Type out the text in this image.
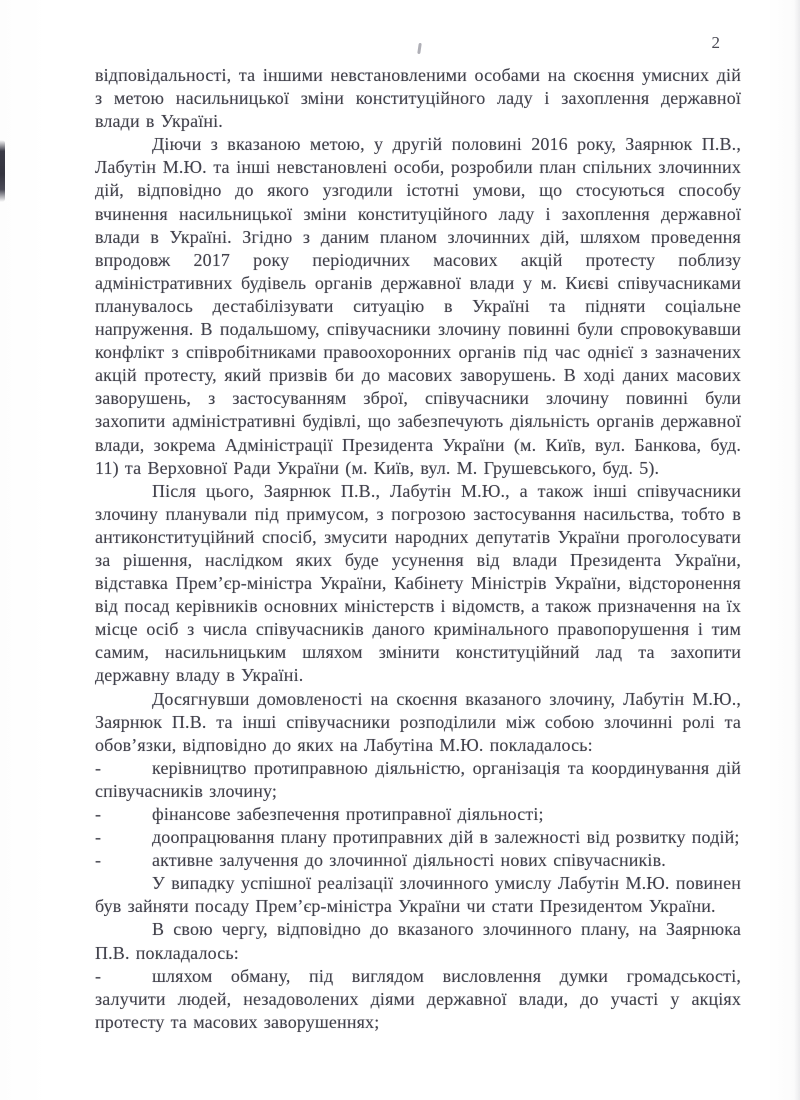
2

відповідальності, та іншими невстановленими особами на скоєння умисних дій з метою насильницької зміни конституційного ладу і захоплення державної влади в Україні.

Діючи з вказаною метою, у другій половині 2016 року, Заярнюк П.В., Лабутін М.Ю. та інші невстановлені особи, розробили план спільних злочинних дій, відповідно до якого узгодили істотні умови, що стосуються способу вчинення насильницької зміни конституційного ладу і захоплення державної влади в Україні. Згідно з даним планом злочинних дій, шляхом проведення впродовж 2017 року періодичних масових акцій протесту поблизу адміністративних будівель органів державної влади у м. Києві співучасниками планувалось дестабілізувати ситуацію в Україні та підняти соціальне напруження. В подальшому, співучасники злочину повинні були спровокувавши конфлікт з співробітниками правоохоронних органів під час однієї з зазначених акцій протесту, який призвів би до масових заворушень. В ході даних масових заворушень, з застосуванням зброї, співучасники злочину повинні були захопити адміністративні будівлі, що забезпечують діяльність органів державної влади, зокрема Адміністрації Президента України (м. Київ, вул. Банкова, буд. 11) та Верховної Ради України (м. Київ, вул. М. Грушевського, буд. 5).

Після цього, Заярнюк П.В., Лабутін М.Ю., а також інші співучасники злочину планували під примусом, з погрозою застосування насильства, тобто в антиконституційний спосіб, змусити народних депутатів України проголосувати за рішення, наслідком яких буде усунення від влади Президента України, відставка Прем’єр-міністра України, Кабінету Міністрів України, відсторонення від посад керівників основних міністерств і відомств, а також призначення на їх місце осіб з числа співучасників даного кримінального правопорушення і тим самим, насильницьким шляхом змінити конституційний лад та захопити державну владу в Україні.

Досягнувши домовленості на скоєння вказаного злочину, Лабутін М.Ю., Заярнюк П.В. та інші співучасники розподілили між собою злочинні ролі та обов’язки, відповідно до яких на Лабутіна М.Ю. покладалось:

-	керівництво протиправною діяльністю, організація та координування дій співучасників злочину;

-	фінансове забезпечення протиправної діяльності;

-	доопрацювання плану протиправних дій в залежності від розвитку подій;

-	активне залучення до злочинної діяльності нових співучасників.

У випадку успішної реалізації злочинного умислу Лабутін М.Ю. повинен був зайняти посаду Прем’єр-міністра України чи стати Президентом України.

В свою чергу, відповідно до вказаного злочинного плану, на Заярнюка П.В. покладалось:

-	шляхом обману, під виглядом висловлення думки громадськості, залучити людей, незадоволених діями державної влади, до участі у акціях протесту та масових заворушеннях;
